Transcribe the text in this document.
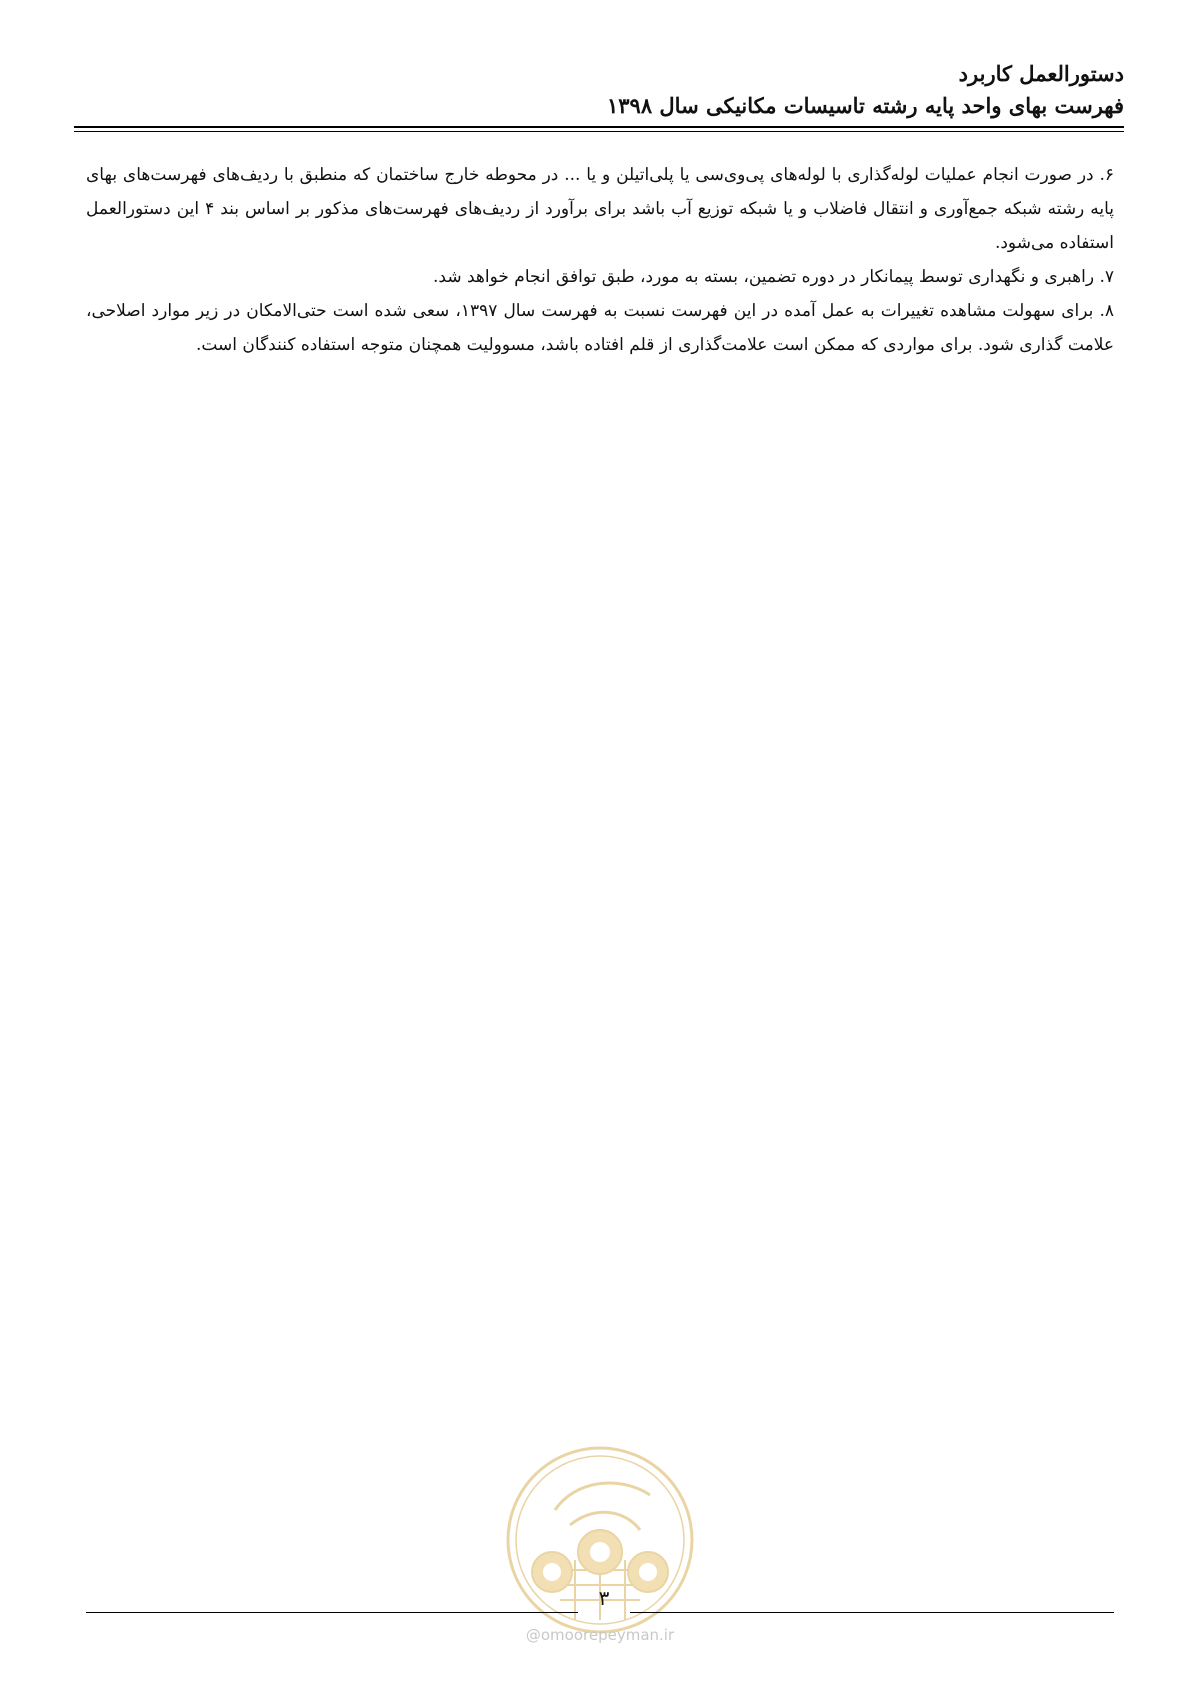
دستورالعمل کاربرد
فهرست بهای واحد پایه رشته تاسیسات مکانیکی سال ۱۳۹۸

۶. در صورت انجام عملیات لوله‌گذاری با لوله‌های پی‌وی‌سی یا پلی‌اتیلن و یا ... در محوطه خارج ساختمان که منطبق با ردیف‌های فهرست‌های بهای پایه رشته شبکه جمع‌آوری و انتقال فاضلاب و یا شبکه توزیع آب باشد برای برآورد از ردیف‌های فهرست‌های مذکور بر اساس بند ۴ این دستورالعمل استفاده می‌شود.

۷. راهبری و نگهداری توسط پیمانکار در دوره تضمین، بسته به مورد، طبق توافق انجام خواهد شد.

۸. برای سهولت مشاهده تغییرات به عمل آمده در این فهرست نسبت به فهرست سال ۱۳۹۷، سعی شده است حتی‌الامکان در زیر موارد اصلاحی، علامت گذاری شود. برای مواردی که ممکن است علامت‌گذاری از قلم افتاده باشد، مسوولیت همچنان متوجه استفاده کنندگان است.

۳
@omoorepeyman.ir
